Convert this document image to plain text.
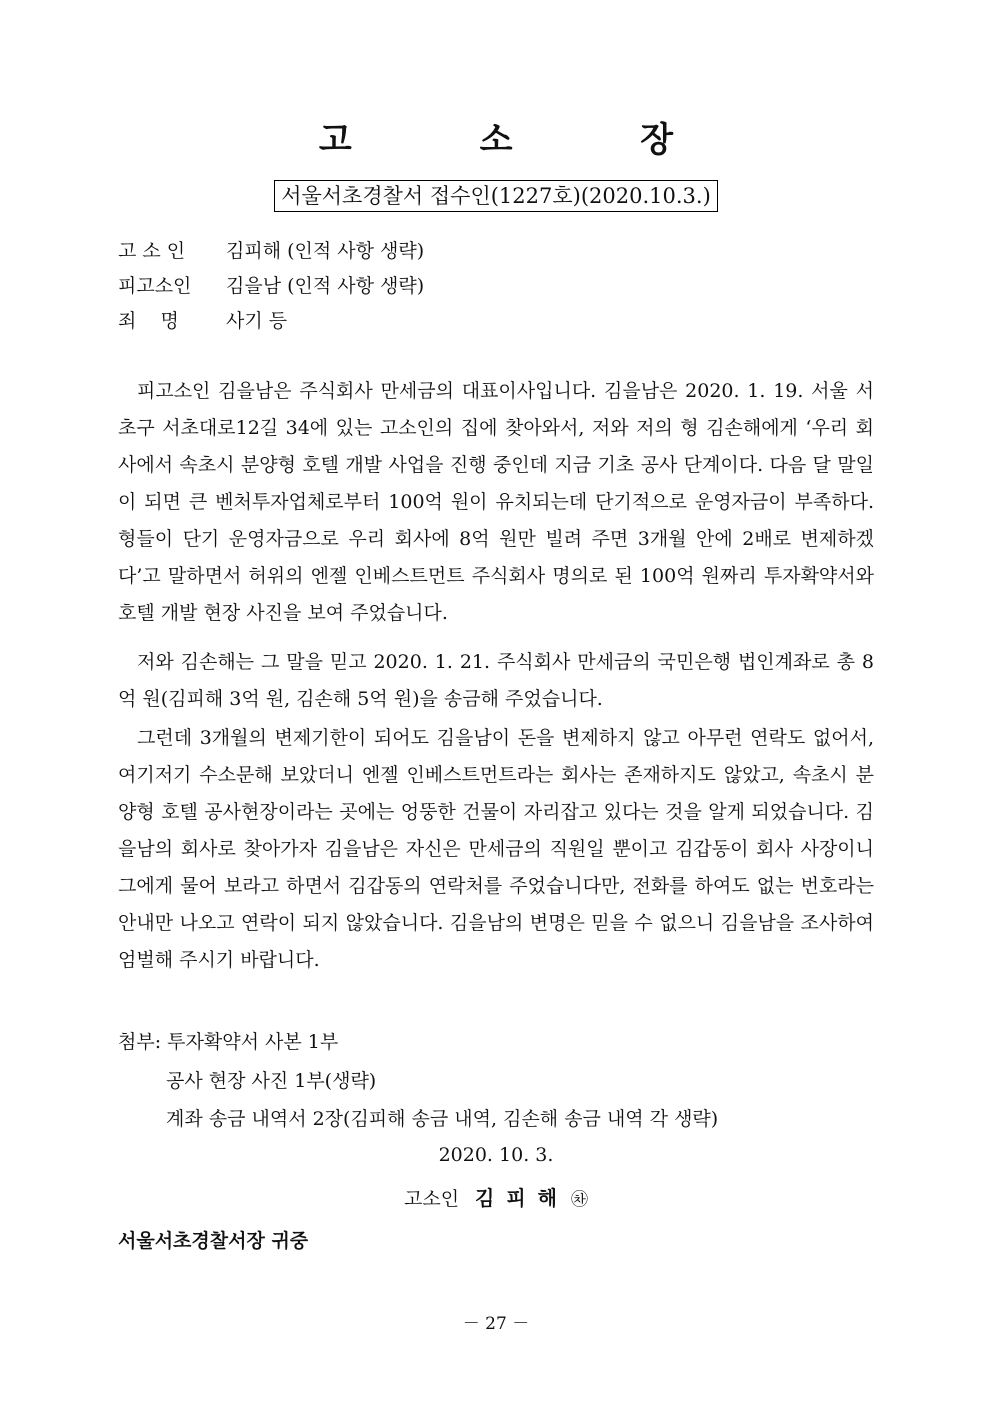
고 소 장
서울서초경찰서 접수인(1227호)(2020.10.3.)
고 소 인 김피해 (인적 사항 생략)
피고소인 김을남 (인적 사항 생략)
죄    명 사기 등

피고소인 김을남은 주식회사 만세금의 대표이사입니다. 김을남은 2020. 1. 19. 서울 서초구 서초대로12길 34에 있는 고소인의 집에 찾아와서, 저와 저의 형 김손해에게 ‘우리 회사에서 속초시 분양형 호텔 개발 사업을 진행 중인데 지금 기초 공사 단계이다. 다음 달 말일이 되면 큰 벤처투자업체로부터 100억 원이 유치되는데 단기적으로 운영자금이 부족하다. 형들이 단기 운영자금으로 우리 회사에 8억 원만 빌려 주면 3개월 안에 2배로 변제하겠다’고 말하면서 허위의 엔젤 인베스트먼트 주식회사 명의로 된 100억 원짜리 투자확약서와 호텔 개발 현장 사진을 보여 주었습니다.

저와 김손해는 그 말을 믿고 2020. 1. 21. 주식회사 만세금의 국민은행 법인계좌로 총 8억 원(김피해 3억 원, 김손해 5억 원)을 송금해 주었습니다.

그런데 3개월의 변제기한이 되어도 김을남이 돈을 변제하지 않고 아무런 연락도 없어서, 여기저기 수소문해 보았더니 엔젤 인베스트먼트라는 회사는 존재하지도 않았고, 속초시 분양형 호텔 공사현장이라는 곳에는 엉뚱한 건물이 자리잡고 있다는 것을 알게 되었습니다. 김을남의 회사로 찾아가자 김을남은 자신은 만세금의 직원일 뿐이고 김갑동이 회사 사장이니 그에게 물어 보라고 하면서 김갑동의 연락처를 주었습니다만, 전화를 하여도 없는 번호라는 안내만 나오고 연락이 되지 않았습니다. 김을남의 변명은 믿을 수 없으니 김을남을 조사하여 엄벌해 주시기 바랍니다.

첨부: 투자확약서 사본 1부
공사 현장 사진 1부(생략)
계좌 송금 내역서 2장(김피해 송금 내역, 김손해 송금 내역 각 생략)
2020. 10. 3.
고소인 김피해 ㉷
서울서초경찰서장 귀중
－ 27 －
